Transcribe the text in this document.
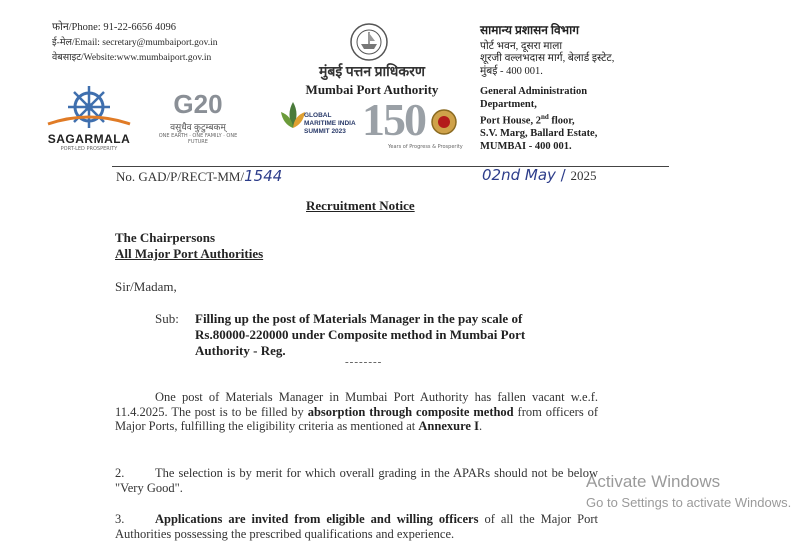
फोन/Phone: 91-22-6656 4096
ई-मेल/Email: secretary@mumbaiport.gov.in
वेबसाइट/Website:www.mumbaiport.gov.in
मुंबई पत्तन प्राधिकरण
Mumbai Port Authority
सामान्य प्रशासन विभाग
पोर्ट भवन, दूसरा माला
शूरजी वल्लभदास मार्ग, बेलार्ड इस्टेट,
मुंबई - 400 001.
General Administration
Department,
Port House, 2nd floor,
S.V. Marg, Ballard Estate,
MUMBAI - 400 001.
SAGARMALA
PORT-LED PROSPERITY
G20
वसुधैव कुटुम्बकम्
ONE EARTH · ONE FAMILY · ONE FUTURE
GLOBAL MARITIME INDIA SUMMIT 2023 150
Years of Progress & Prosperity
No. GAD/P/RECT-MM/1544	02nd May / 2025
Recruitment Notice
The Chairpersons
All Major Port Authorities
Sir/Madam,
Sub: Filling up the post of Materials Manager in the pay scale of Rs.80000-220000 under Composite method in Mumbai Port Authority - Reg.
--------
One post of Materials Manager in Mumbai Port Authority has fallen vacant w.e.f. 11.4.2025. The post is to be filled by absorption through composite method from officers of Major Ports, fulfilling the eligibility criteria as mentioned at Annexure I.
2. The selection is by merit for which overall grading in the APARs should not be below "Very Good".
3. Applications are invited from eligible and willing officers of all the Major Port Authorities possessing the prescribed qualifications and experience.
Activate Windows
Go to Settings to activate Windows.
